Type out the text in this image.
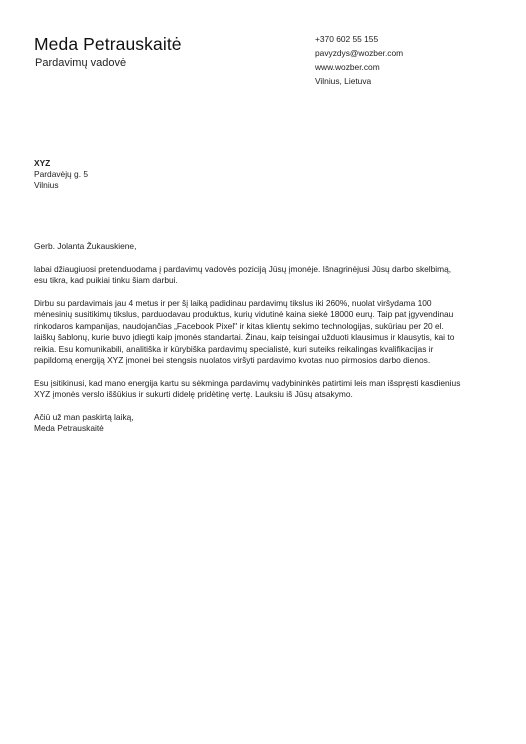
Meda Petrauskaitė
Pardavimų vadovė
+370 602 55 155
pavyzdys@wozber.com
www.wozber.com
Vilnius, Lietuva
XYZ
Pardavėjų g. 5
Vilnius

Gerb. Jolanta Žukauskiene,

labai džiaugiuosi pretenduodama į pardavimų vadovės poziciją Jūsų įmonėje. Išnagrinėjusi Jūsų darbo skelbimą,
esu tikra, kad puikiai tinku šiam darbui.

Dirbu su pardavimais jau 4 metus ir per šį laiką padidinau pardavimų tikslus iki 260%, nuolat viršydama 100
mėnesinių susitikimų tikslus, parduodavau produktus, kurių vidutinė kaina siekė 18000 eurų. Taip pat įgyvendinau
rinkodaros kampanijas, naudojančias „Facebook Pixel" ir kitas klientų sekimo technologijas, sukūriau per 20 el.
laiškų šablonų, kurie buvo įdiegti kaip įmonės standartai. Žinau, kaip teisingai užduoti klausimus ir klausytis, kai to
reikia. Esu komunikabili, analitiška ir kūrybiška pardavimų specialistė, kuri suteiks reikalingas kvalifikacijas ir
papildomą energiją XYZ įmonei bei stengsis nuolatos viršyti pardavimo kvotas nuo pirmosios darbo dienos.

Esu įsitikinusi, kad mano energija kartu su sėkminga pardavimų vadybininkės patirtimi leis man išspręsti kasdienius
XYZ įmonės verslo iššūkius ir sukurti didelę pridėtinę vertę. Lauksiu iš Jūsų atsakymo.

Ačiū už man paskirtą laiką,
Meda Petrauskaitė
